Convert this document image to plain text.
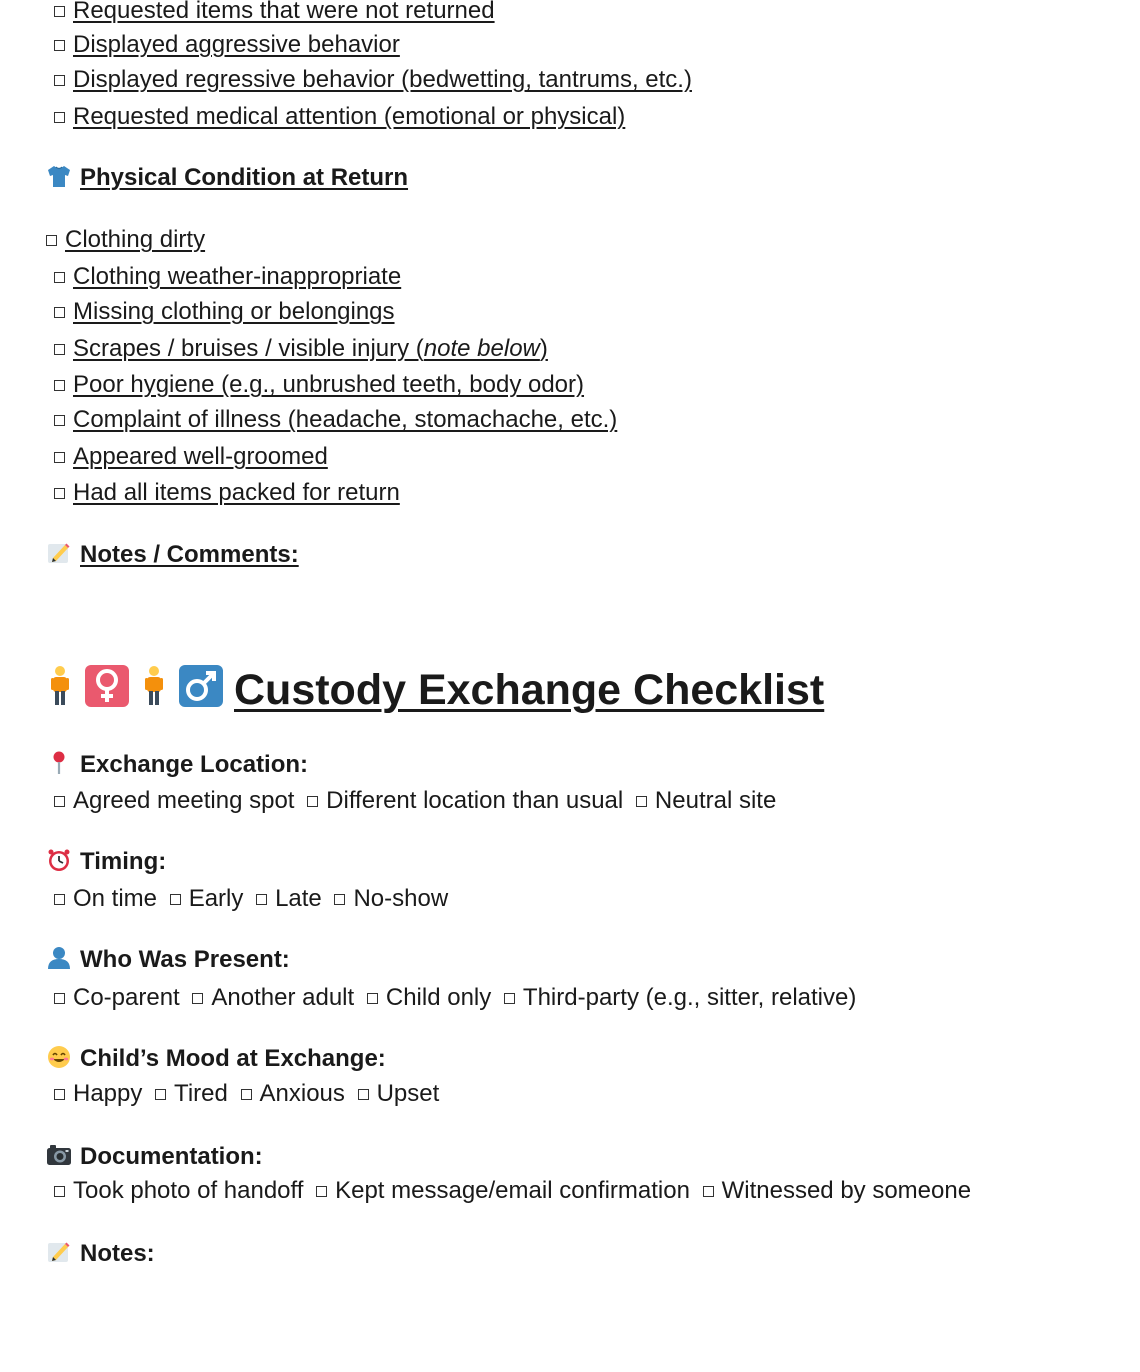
Requested items that were not returned
Displayed aggressive behavior
Displayed regressive behavior (bedwetting, tantrums, etc.)
Requested medical attention (emotional or physical)
Physical Condition at Return
Clothing dirty
Clothing weather-inappropriate
Missing clothing or belongings
Scrapes / bruises / visible injury (note below)
Poor hygiene (e.g., unbrushed teeth, body odor)
Complaint of illness (headache, stomachache, etc.)
Appeared well-groomed
Had all items packed for return
Notes / Comments:
Custody Exchange Checklist
Exchange Location:
Agreed meeting spot Different location than usual Neutral site
Timing:
On time Early Late No-show
Who Was Present:
Co-parent Another adult Child only Third-party (e.g., sitter, relative)
Child’s Mood at Exchange:
Happy Tired Anxious Upset
Documentation:
Took photo of handoff Kept message/email confirmation Witnessed by someone
Notes:
